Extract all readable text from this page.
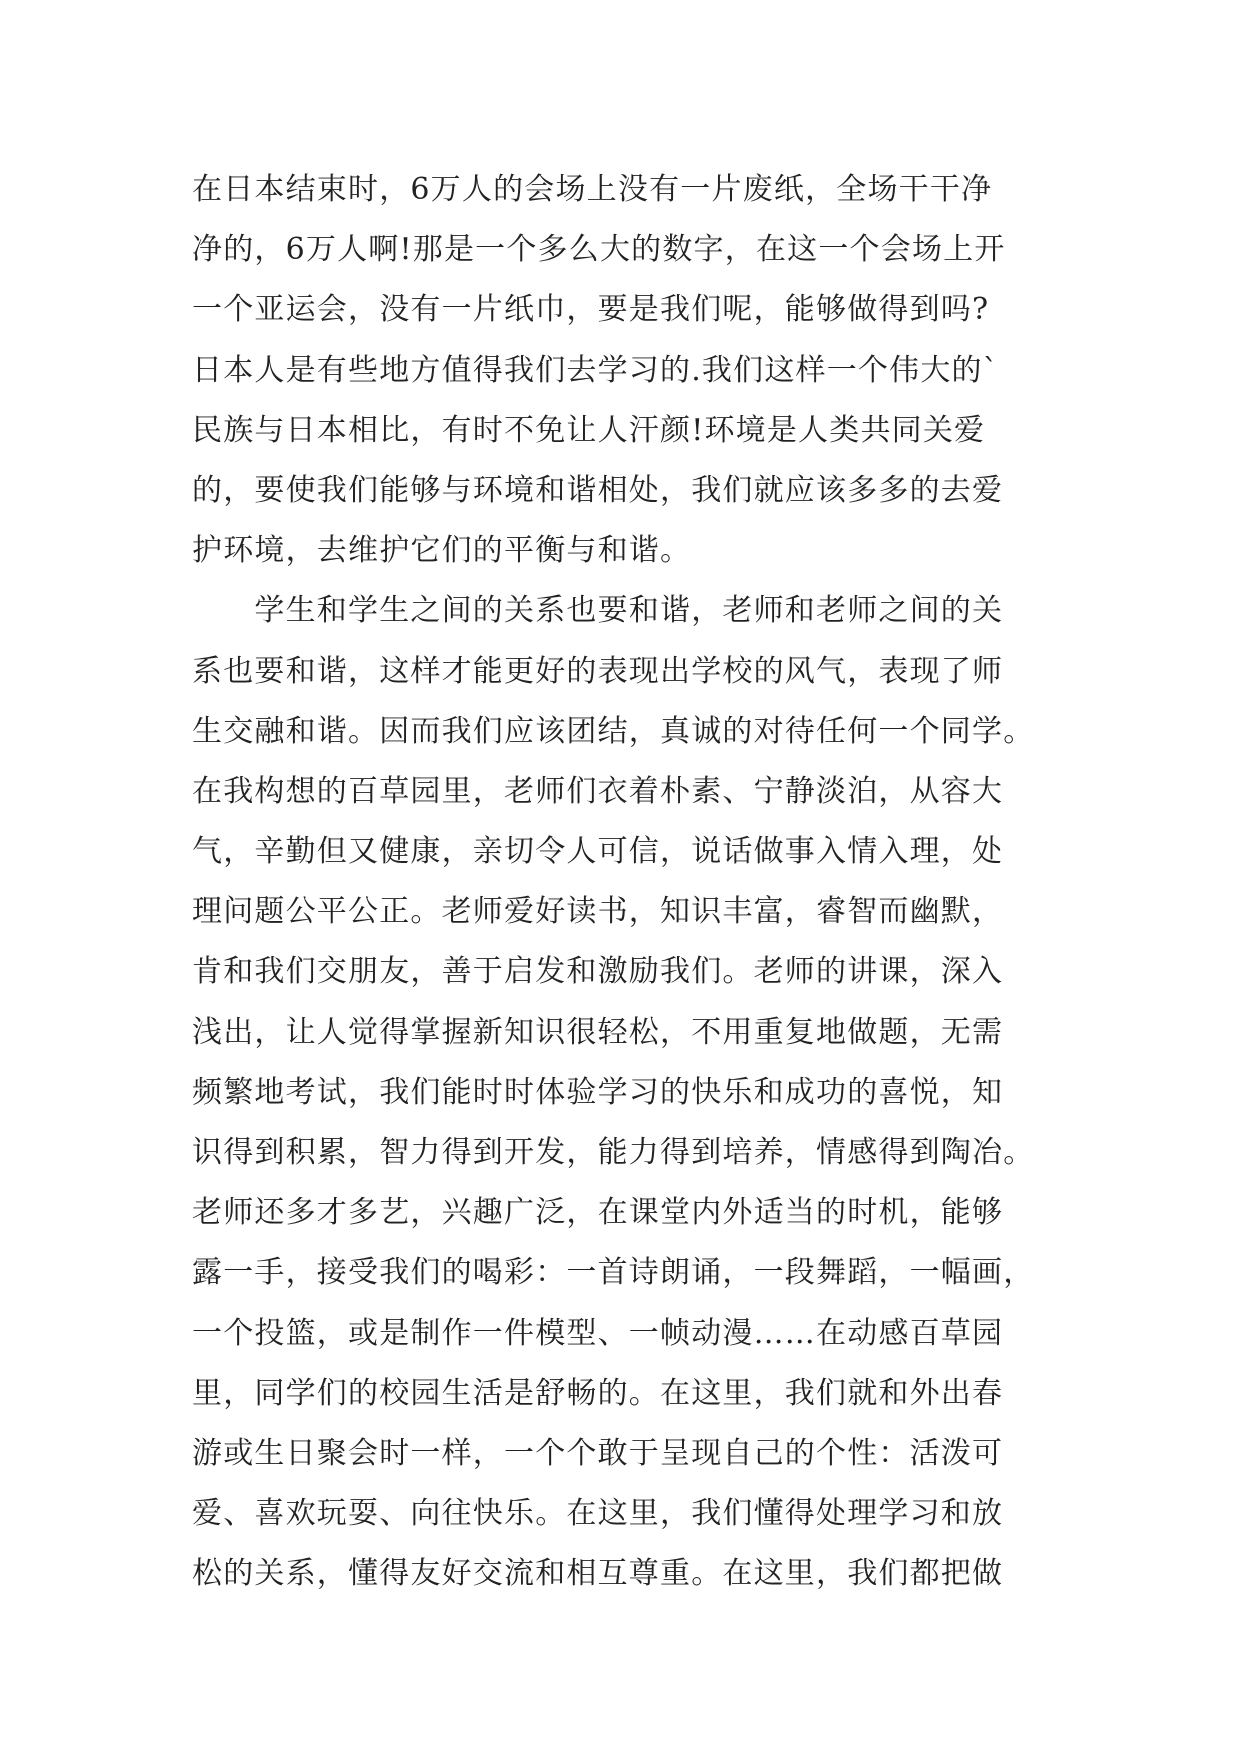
在日本结束时，6万人的会场上没有一片废纸，全场干干净
净的，6万人啊!那是一个多么大的数字，在这一个会场上开
一个亚运会，没有一片纸巾，要是我们呢，能够做得到吗?
日本人是有些地方值得我们去学习的.我们这样一个伟大的`
民族与日本相比，有时不免让人汗颜!环境是人类共同关爱
的，要使我们能够与环境和谐相处，我们就应该多多的去爱
护环境，去维护它们的平衡与和谐。
　　学生和学生之间的关系也要和谐，老师和老师之间的关
系也要和谐，这样才能更好的表现出学校的风气，表现了师
生交融和谐。因而我们应该团结，真诚的对待任何一个同学。
在我构想的百草园里，老师们衣着朴素、宁静淡泊，从容大
气，辛勤但又健康，亲切令人可信，说话做事入情入理，处
理问题公平公正。老师爱好读书，知识丰富，睿智而幽默，
肯和我们交朋友，善于启发和激励我们。老师的讲课，深入
浅出，让人觉得掌握新知识很轻松，不用重复地做题，无需
频繁地考试，我们能时时体验学习的快乐和成功的喜悦，知
识得到积累，智力得到开发，能力得到培养，情感得到陶冶。
老师还多才多艺，兴趣广泛，在课堂内外适当的时机，能够
露一手，接受我们的喝彩：一首诗朗诵，一段舞蹈，一幅画，
一个投篮，或是制作一件模型、一帧动漫……在动感百草园
里，同学们的校园生活是舒畅的。在这里，我们就和外出春
游或生日聚会时一样，一个个敢于呈现自己的个性：活泼可
爱、喜欢玩耍、向往快乐。在这里，我们懂得处理学习和放
松的关系，懂得友好交流和相互尊重。在这里，我们都把做
